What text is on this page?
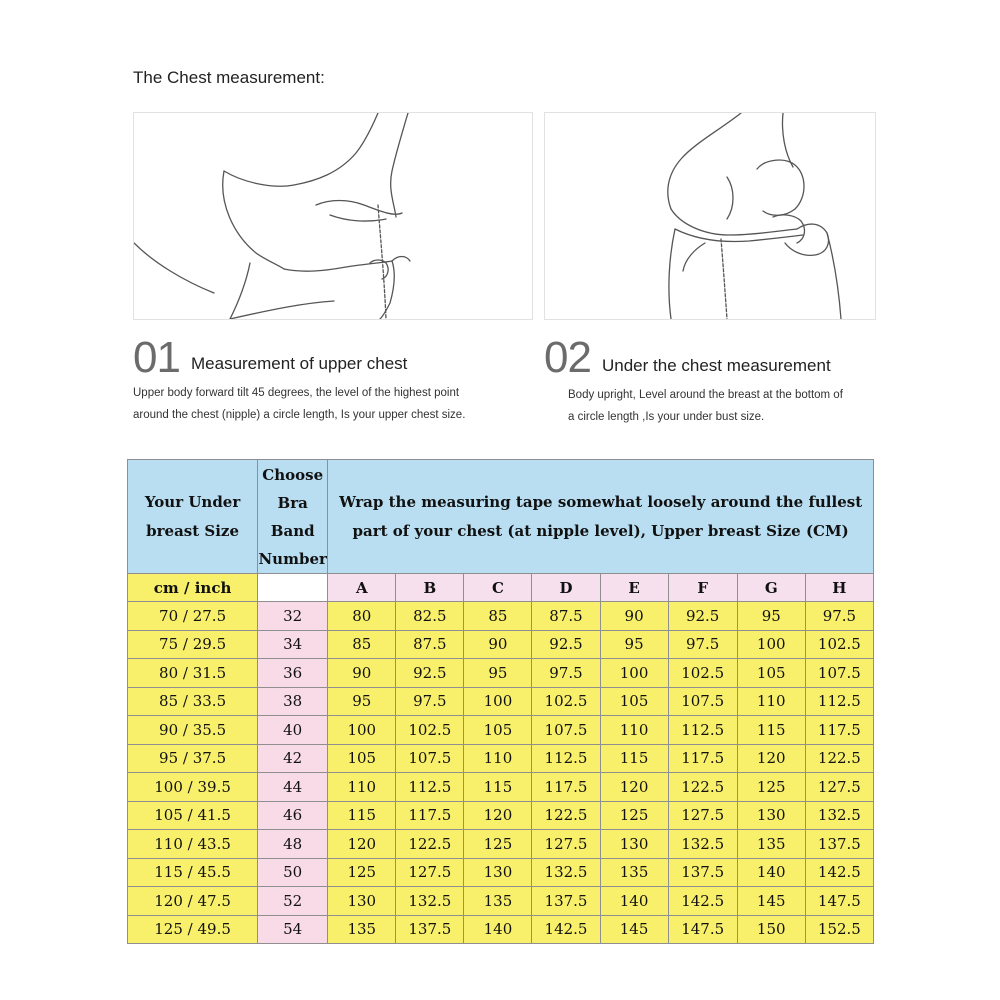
The Chest measurement:
01 Measurement of upper chest
Upper body forward tilt 45 degrees, the level of the highest point
around the chest (nipple) a circle length, Is your upper chest size.
02 Under the chest measurement
Body upright, Level around the breast at the bottom of
a circle length ,Is your under bust size.
Your Under breast Size	Choose Bra Band Number	Wrap the measuring tape somewhat loosely around the fullest part of your chest (at nipple level), Upper breast Size (CM)							
cm / inch		A	B	C	D	E	F	G	H
70 / 27.5	32	80	82.5	85	87.5	90	92.5	95	97.5
75 / 29.5	34	85	87.5	90	92.5	95	97.5	100	102.5
80 / 31.5	36	90	92.5	95	97.5	100	102.5	105	107.5
85 / 33.5	38	95	97.5	100	102.5	105	107.5	110	112.5
90 / 35.5	40	100	102.5	105	107.5	110	112.5	115	117.5
95 / 37.5	42	105	107.5	110	112.5	115	117.5	120	122.5
100 / 39.5	44	110	112.5	115	117.5	120	122.5	125	127.5
105 / 41.5	46	115	117.5	120	122.5	125	127.5	130	132.5
110 / 43.5	48	120	122.5	125	127.5	130	132.5	135	137.5
115 / 45.5	50	125	127.5	130	132.5	135	137.5	140	142.5
120 / 47.5	52	130	132.5	135	137.5	140	142.5	145	147.5
125 / 49.5	54	135	137.5	140	142.5	145	147.5	150	152.5
